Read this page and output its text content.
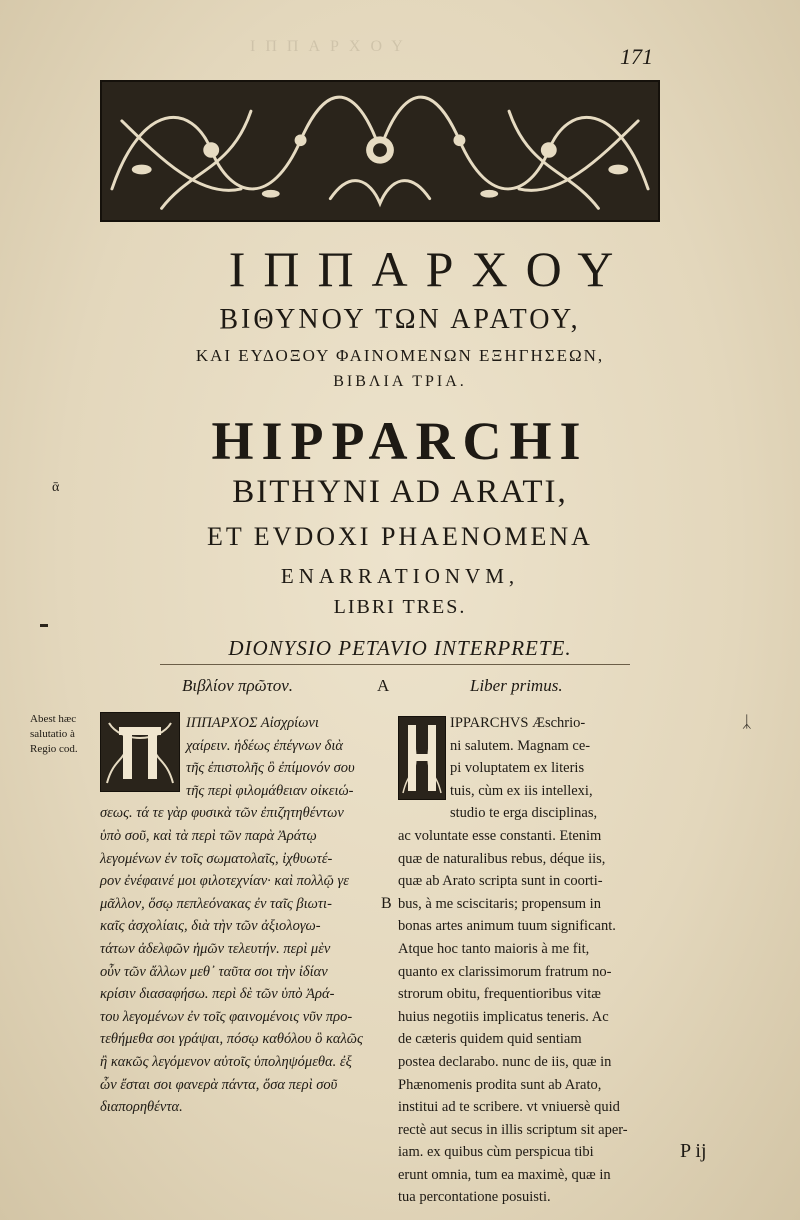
ΙΠΠΑΡΧΟΥ	171
ΙΠΠΑΡΧΟΥ
ΒΙΘΥΝΟΥ ΤΩΝ ΑΡΑΤΟΥ,
ΚΑΙ ΕΥΔΟΞΟΥ ΦΑΙΝΟΜΕΝΩΝ ΕΞΗΓΗΣΕΩΝ,
ΒΙΒΛΙΑ ΤΡΙΑ.
HIPPARCHI
BITHYNI AD ARATI,
ET EVDOXI PHAENOMENA
ENARRATIONVM,
LIBRI TRES.
DIONYSIO PETAVIO INTERPRETE.
ᾱ
Βιβλίον πρῶτον.	A	Liber primus.
Abest hæc salutatio à Regio cod.
ᛣ
B
ΙΠΠΑΡΧΟΣ Αἰσχρίωνι
χαίρειν. ἡδέως ἐπέγνων διὰ
τῆς ἐπιστολῆς ὃ ἐπίμονόν σου
τῆς περὶ φιλομάθειαν οἰκειώ-
σεως. τά τε γὰρ φυσικὰ τῶν ἐπιζητηθέντων
ὑπὸ σοῦ, καὶ τὰ περὶ τῶν παρὰ Ἀράτῳ
λεγομένων ἐν τοῖς σωματολαῖς, ἰχθυωτέ-
ρον ἐνέφαινέ μοι φιλοτεχνίαν· καὶ πολλῷ γε
μᾶλλον, ὅσῳ πεπλεόνακας ἐν ταῖς βιωτι-
καῖς ἀσχολίαις, διὰ τὴν τῶν ἀξιολογω-
τάτων ἀδελφῶν ἡμῶν τελευτήν. περὶ μὲν
οὖν τῶν ἄλλων μεθ᾽ ταῦτα σοι τὴν ἰδίαν
κρίσιν διασαφήσω. περὶ δὲ τῶν ὑπὸ Ἀρά-
του λεγομένων ἐν τοῖς φαινομένοις νῦν προ-
τεθήμεθα σοι γράψαι, πόσῳ καθόλου ὃ καλῶς
ἢ κακῶς λεγόμενον αὐτοῖς ὑποληψόμεθα. ἐξ
ὧν ἔσται σοι φανερὰ πάντα, ὅσα περὶ σοῦ
διαπορηθέντα.
IPPARCHVS Æschrio-
ni salutem. Magnam ce-
pi voluptatem ex literis
tuis, cùm ex iis intellexi,
studio te erga disciplinas,
ac voluntate esse constanti. Etenim
quæ de naturalibus rebus, déque iis,
quæ ab Arato scripta sunt in coorti-
bus, à me sciscitaris; propensum in
bonas artes animum tuum significant.
Atque hoc tanto maioris à me fit,
quanto ex clarissimorum fratrum no-
strorum obitu, frequentioribus vitæ
huius negotiis implicatus teneris. Ac
de cæteris quidem quid sentiam
postea declarabo. nunc de iis, quæ in
Phænomenis prodita sunt ab Arato,
institui ad te scribere. vt vniuersè quid
rectè aut secus in illis scriptum sit aper-
iam. ex quibus cùm perspicua tibi
erunt omnia, tum ea maximè, quæ in
tua percontatione posuisti.
P ij
